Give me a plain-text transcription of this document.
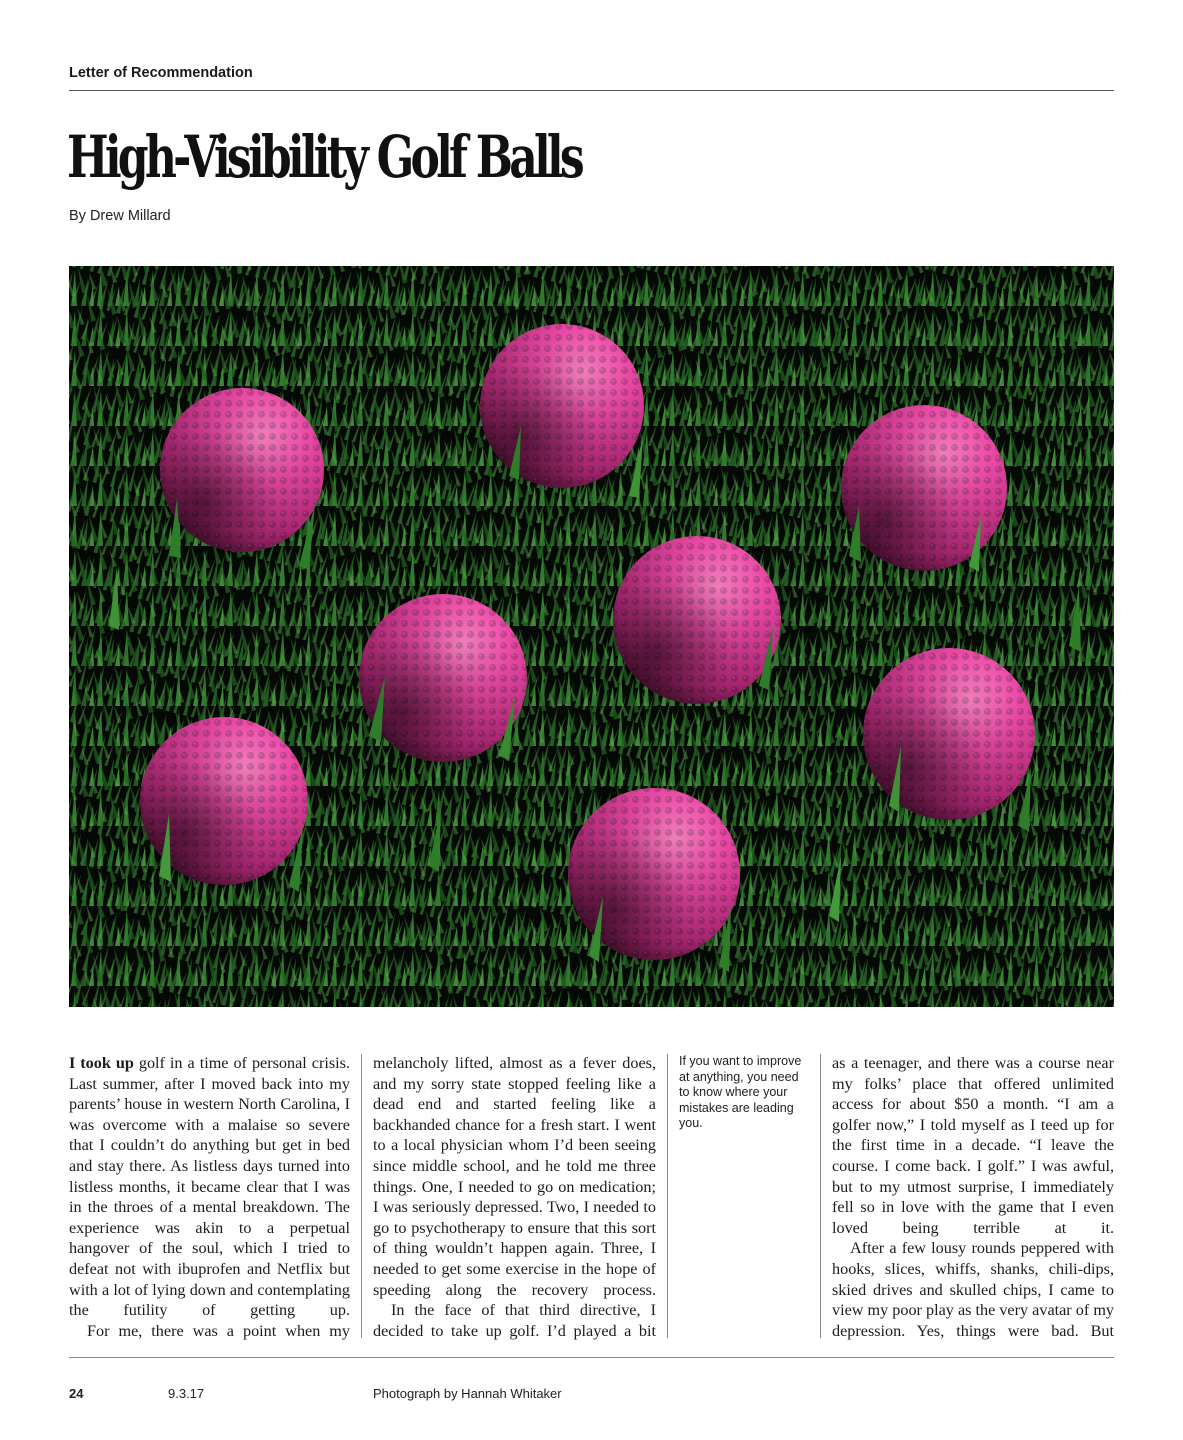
Letter of Recommendation
High-Visibility Golf Balls
By Drew Millard

I took up golf in a time of personal crisis. Last summer, after I moved back into my parents’ house in western North Carolina, I was overcome with a malaise so severe that I couldn’t do anything but get in bed and stay there. As listless days turned into listless months, it became clear that I was in the throes of a mental breakdown. The experience was akin to a perpetual hangover of the soul, which I tried to defeat not with ibuprofen and Netflix but with a lot of lying down and contemplating the futility of getting up.

For me, there was a point when my

melancholy lifted, almost as a fever does, and my sorry state stopped feeling like a dead end and started feeling like a backhanded chance for a fresh start. I went to a local physician whom I’d been seeing since middle school, and he told me three things. One, I needed to go on medication; I was seriously depressed. Two, I needed to go to psychotherapy to ensure that this sort of thing wouldn’t happen again. Three, I needed to get some exercise in the hope of speeding along the recovery process.

In the face of that third directive, I decided to take up golf. I’d played a bit

If you want to improve at anything, you need to know where your mistakes are leading you.

as a teenager, and there was a course near my folks’ place that offered unlimited access for about $50 a month. “I am a golfer now,” I told myself as I teed up for the first time in a decade. “I leave the course. I come back. I golf.” I was awful, but to my utmost surprise, I immediately fell so in love with the game that I even loved being terrible at it.

After a few lousy rounds peppered with hooks, slices, whiffs, shanks, chili-dips, skied drives and skulled chips, I came to view my poor play as the very avatar of my depression. Yes, things were bad. But

24	9.3.17	Photograph by Hannah Whitaker
